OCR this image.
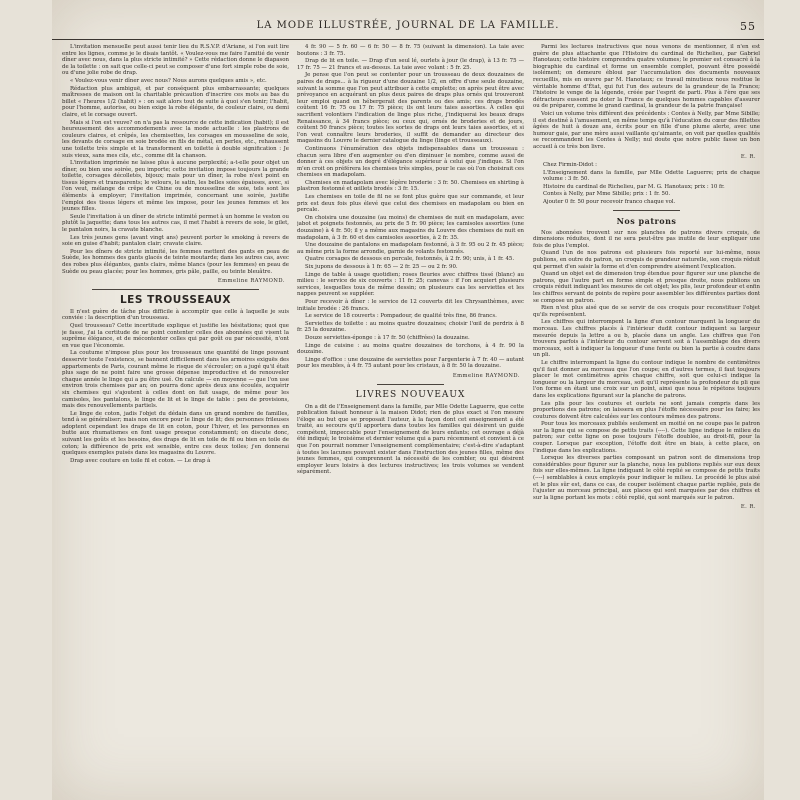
LA MODE ILLUSTRÉE, JOURNAL DE LA FAMILLE.	55

L'invitation mensuelle peut aussi tenir lieu du R.S.V.P. d'Ariane, si l'on suit lire entre les lignes, comme je le disais tantôt. « Voulez-vous me faire l'amitié de venir dîner avec nous, dans la plus stricte intimité? » Cette rédaction donne le diapason de la toilette : on sait que celle-ci peut se composer d'une fort simple robe de soie, ou d'une jolie robe de drap.

« Voulez-vous venir dîner avec nous? Nous aurons quelques amis », etc.

Rédaction plus ambiguë, et par conséquent plus embarrassante; quelques maîtresses de maison ont la charitable précaution d'inscrire ces mots au bas du billet « l'heures 1/2 (habit) » : on sait alors tout de suite à quoi s'en tenir; l'habit, pour l'homme, autorise, ou bien exige la robe élégante, de couleur claire, ou demi claire, et le corsage ouvert.

Mais si l'on est veuve? on n'a pas la ressource de cette indication (habit); il est heureusement des accommodements avec la mode actuelle : les plastrons de couleurs claires, et crêpés, les chemisettes, les corsages en mousseline de soie, les devants de corsage en soie brodée en fils de métal, en perles, etc., rehaussent une toilette très simple et la transforment en toilette à double signification : Je suis vieux, sans mes cils, etc., comme dit la chanson.

L'invitation imprimée ne laisse plus à aucune perplexité; a-t-elle pour objet un dîner, ou bien une soirée, peu importe; cette invitation impose toujours la grande toilette, corsages décolletés, bijoux; mais pour un dîner, la robe n'est point en tissus légers et transparents; le velours, le satin, les belles soies épaisses, avec, si l'on veut, mélange de crêpe de Chine ou de mousseline de soie, tels sont les éléments à employer; l'invitation imprimée, concernant une soirée, justifie l'emploi des tissus légers et même les impose, pour les jeunes femmes et les jeunes filles.

Seule l'invitation à un dîner de stricte intimité permet à un homme le veston ou plutôt la jaquette; dans tous les autres cas, il met l'habit à revers de soie, le gilet, le pantalon noirs, la cravate blanche.

Les très jeunes gens (avant vingt ans) peuvent porter le smoking à revers de soie en guise d'habit; pantalon clair; cravate claire.

Pour les dîners de stricte intimité, les femmes mettent des gants en peau de Suède, les hommes des gants glacés de teinte moutarde; dans les autres cas, avec des robes plus élégantes, gants clairs, même blancs (pour les femmes) en peau de Suède ou peau glacée; pour les hommes, gris pâle, paille, ou teinte bleuâtre.

Emmeline RAYMOND.
LES TROUSSEAUX

Il n'est guère de tâche plus difficile à accomplir que celle à laquelle je suis conviée : la description d'un trousseau.

Quel trousseau? Cette incertitude explique et justifie les hésitations; quoi que je fasse, j'ai la certitude de ne point contenter celles des abonnées qui visent la suprême élégance, et de mécontenter celles qui par goût ou par nécessité, n'ont en vue que l'économie.

La coutume n'impose plus pour les trousseaux une quantité de linge pouvant desservir toute l'existence, se bannent difficilement dans les armoires exiguës des appartements de Paris, courant même le risque de s'écrouler; on a jugé qu'il était plus sage de ne point faire une grosse dépense improductive et de renouveler chaque année le linge qui a pu être usé. On calcule — en moyenne — que l'on use environ trois chemises par an; on pourra donc après deux ans écoulés, acquérir six chemises qui s'ajoutent à celles dont on fait usage, de même pour les camisoles, les pantalons, le linge de lit et le linge de table : peu de provisions, mais des renouvellements partiels.

Le linge de coton, jadis l'objet du dédain dans un grand nombre de familles, tend à se généraliser; mais non encore pour le linge de lit; des personnes frileuses adoptent cependant les draps de lit en coton, pour l'hiver, et les personnes en butte aux rhumatismes en font usage presque constamment; on discute donc, suivant les goûts et les besoins, des draps de lit en toile de fil ou bien en toile de coton; la différence de prix est sensible, entre ces deux toiles; j'en donnerai quelques exemples puisés dans les magasins du Louvre.

Drap avec couture en toile fil et coton. — Le drap à

4 fr. 90 — 5 fr. 60 — 6 fr. 50 — 8 fr. 75 (suivant la dimension). La taie avec boutons : 3 fr. 75.

Drap de lit en toile. — Drap d'un seul lé, ourlets à jour (le drap), à 13 fr. 75 — 17 fr. 75 — 21 francs et au-dessus. La taie avec volant : 5 fr. 25.

Je pense que l'on peut se contenter pour un trousseau de deux douzaines de paires de draps... à la rigueur d'une douzaine 1/2, en offre d'une seule douzaine, suivant la somme que l'on peut attribuer à cette emplette; on après peut être avec prévoyance en acquérant un plus deux paires de draps plus ornés qui trouveront leur emploi quand on hébergerait des parents ou des amis; ces draps brodés coûtent 16 fr. 75 ou 17 fr. 75 pièce; ils ont leurs taies assorties. À celles qui sacrifient volontiers l'indication de linge plus riche, j'indiquerai les beaux draps Renaissance, à 34 francs pièce; ou ceux qui, ornés de broderies et de jours, coûtent 50 francs pièce; toutes les sortes de draps ont leurs taies assorties, et si l'on veut connaître leurs broderies, il suffit de demander au directeur des magasins du Louvre le dernier catalogue du linge (linge et trousseaux).

Continuons l'énumération des objets indispensables dans un trousseau : chacun sera libre d'en augmenter ou d'en diminuer le nombre, comme aussi de donner à ces objets un degré d'élégance supérieur à celui que j'indique. Si l'on m'en croit on préférera les chemises très simples, pour le cas où l'on choisirait ces chemises en madapolam.

Chemises en madapolam avec légère broderie : 3 fr. 50. Chemises en shirting à plastron festonné et œillets brodés : 3 fr. 15.

Les chemises en toile de fil ne se font plus guère que sur commande, et leur prix est deux fois plus élevé que celui des chemises en madapolam ou bien en percale.

On choisira une douzaine (au moins) de chemises de nuit en madapolam, avec jabot et poignets festonnés, au prix de 5 fr. 90 pièce; les camisoles assorties (une douzaine) à 4 fr. 50; il y a même aux magasins du Louvre des chemises de nuit en madapolam, à 3 fr. 60 et des camisoles assorties, à 2 fr. 35.

Une douzaine de pantalons en madapolam festonné, à 3 fr. 95 ou 2 fr. 45 pièce; au même prix la forme arrondie, garnie de volants festonnés.

Quatre corsages de dessous en percale, festonnés, à 2 fr. 90; unis, à 1 fr. 45.

Six jupons de dessous à 1 fr. 65 — 2 fr. 25 — ou 2 fr. 90.

Linge de table à usage quotidien; roses fleuries avec chiffres tissé (blanc) au milieu : le service de six couverts : 11 fr. 25; canevas : if l'on acquiert plusieurs services, lesquelles tous de même dessin; on plusieurs cas les serviettes et les nappes peuvent se suppléer.

Pour recevoir à dîner : le service de 12 couverts dit les Chrysanthèmes, avec initiale brodée : 26 francs.

Le service de 18 couverts : Pompadour, de qualité très fine, 86 francs.

Serviettes de toilette : au moins quatre douzaines; choisir l'œil de perdrix à 8 fr. 25 la douzaine.

Douze serviettes-éponge : à 17 fr. 50 (chiffrées) la douzaine.

Linge de cuisine : au moins quatre douzaines de torchons, à 4 fr. 90 la douzaine.

Linge d'office : une douzaine de serviettes pour l'argenterie à 7 fr. 40 — autant pour les meubles, à 4 fr. 75 autant pour les cristaux, à 8 fr. 50 la douzaine.

Emmeline RAYMOND.
LIVRES NOUVEAUX

On a dit de l'Enseignement dans la famille, par Mlle Odette Laguerre, que cette publication faisait honneur à la maison Didot; rien de plus exact si l'on mesure l'éloge au but que se proposait l'auteur, à la façon dont cet enseignement a été traité, au secours qu'il apportera dans toutes les familles qui désirent un guide compétent, impeccable pour l'enseignement de leurs enfants; cet ouvrage a déjà été indiqué; le troisième et dernier volume qui a paru récemment et convient à ce que l'on pourrait nommer l'enseignement complémentaire; c'est-à-dire s'adaptant à toutes les lacunes pouvant exister dans l'instruction des jeunes filles, même des jeunes femmes, qui comprennent la nécessité de les combler, ou qui désirent employer leurs loisirs à des lectures instructives; les trois volumes se vendent séparément.

Parmi les lectures instructives que nous venons de mentionner, il n'en est guère de plus attachante que l'Histoire du cardinal de Richelieu, par Gabriel Hanotaux; cette histoire comprendra quatre volumes; le premier est consacré à la biographie du cardinal et forme un ensemble complet, pouvant être possédé isolément; on demeure ébloui par l'accumulation des documents nouveaux recueillis, mis en œuvre par M. Hanotaux; ce travail minutieux nous restitue le véritable homme d'État, qui fut l'un des auteurs de la grandeur de la France; l'histoire le venge de la légende, créée par l'esprit de parti. Plus à l'ère que ses détracteurs eussent pu doter la France de quelques hommes capables d'assurer ou de préparer, comme le grand cardinal, la grandeur de la patrie française!

Voici un volume très différent des précédents : Contes à Nelly, par Mme Sibille; il est destiné à l'amusement, en même temps qu'à l'éducation du cœur des fillettes âgées de huit à douze ans, écrits pour en fille d'une plume alerte, avec une humour gaie, par une mère aussi vaillante qu'aimante, on voit par quelles qualités se recommandent les Contes à Nelly; nul doute que notre public fasse un bon accueil à ce très bon livre.

E. R.

Chez Firmin-Didot :

L'Enseignement dans la famille, par Mlle Odette Laguerre; prix de chaque volume : 3 fr. 50.

Histoire du cardinal de Richelieu, par M. G. Hanotaux; prix : 10 fr.

Contes à Nelly, par Mme Sibille; prix : 1 fr. 50.

Ajouter 0 fr. 50 pour recevoir franco chaque vol.

Nos patrons

Nos abonnées trouvent sur nos planches de patrons divers croquis, de dimensions réduites, dont il ne sera peut-être pas inutile de leur expliquer une fois de plus l'emploi.

Quand l'un de nos patrons est plusieurs fois reporté sur lui-même, nous publions, en outre du patron, un croquis de grandeur naturelle, son croquis réduit qui permet d'en saisir la forme et d'en comprendre aisément l'explication.

Quand un objet est de dimension trop étendue pour figurer sur une planche de patrons, que l'autre part en forme simple et presque droite, nous publions un croquis réduit indiquant les mesures de cet objet; les plis, leur profondeur et enfin les chiffres servant de points de repère pour assembler les différentes parties dont se compose un patron.

Rien n'est plus aisé que de se servir de ces croquis pour reconstituer l'objet qu'ils représentent.

Les chiffres qui interrompent la ligne d'un contour marquent la longueur du morceau. Les chiffres placés à l'intérieur dudit contour indiquent sa largeur mesurée depuis la lettre a ou b, placée dans un angle. Les chiffres que l'on trouvera parfois à l'intérieur du contour servent soit à l'assemblage des divers morceaux, soit à indiquer la longueur d'une fente ou bien la partie à coudre dans un pli.

Le chiffre interrompant la ligne du contour indique le nombre de centimètres qu'il faut donner au morceau que l'on coupe; en d'autres termes, il faut toujours placer le mot centimètres après chaque chiffre, soit que celui-ci indique la longueur ou la largeur du morceau, soit qu'il représente la profondeur du pli que l'on forme en étant une croix sur un point, ainsi que nous le répétons toujours dans les explications figurant sur la planche de patrons.

Les plis pour les coutures et ourlets ne sont jamais compris dans les proportions des patrons; on laissera en plus l'étoffe nécessaire pour les faire; les coutures doivent être calculées sur les contours mêmes des patrons.

Pour tous les morceaux publiés seulement en moitié on ne coupe pas le patron sur la ligne qui se compose de petits traits (----). Cette ligne indique le milieu du patron; sur cette ligne on pose toujours l'étoffe doublée, au droit-fil, pour la couper. Lorsque par exception, l'étoffe doit être en biais, à cette place, on l'indique dans les explications.

Lorsque les diverses parties composant un patron sont de dimensions trop considérables pour figurer sur la planche, nous les publions repliés sur eux deux fois sur elles-mêmes. La ligne indiquant le côté replié se compose de petits traits (----) semblables à ceux employés pour indiquer le milieu. Le procédé le plus aisé et le plus sûr est, dans ce cas, de couper isolément chaque partie repliée, puis de l'ajuster au morceau principal, aux places qui sont marquées par des chiffres et sur la ligne portant les mots : côté replié, qui sont marqués sur le patron.

E. R.
